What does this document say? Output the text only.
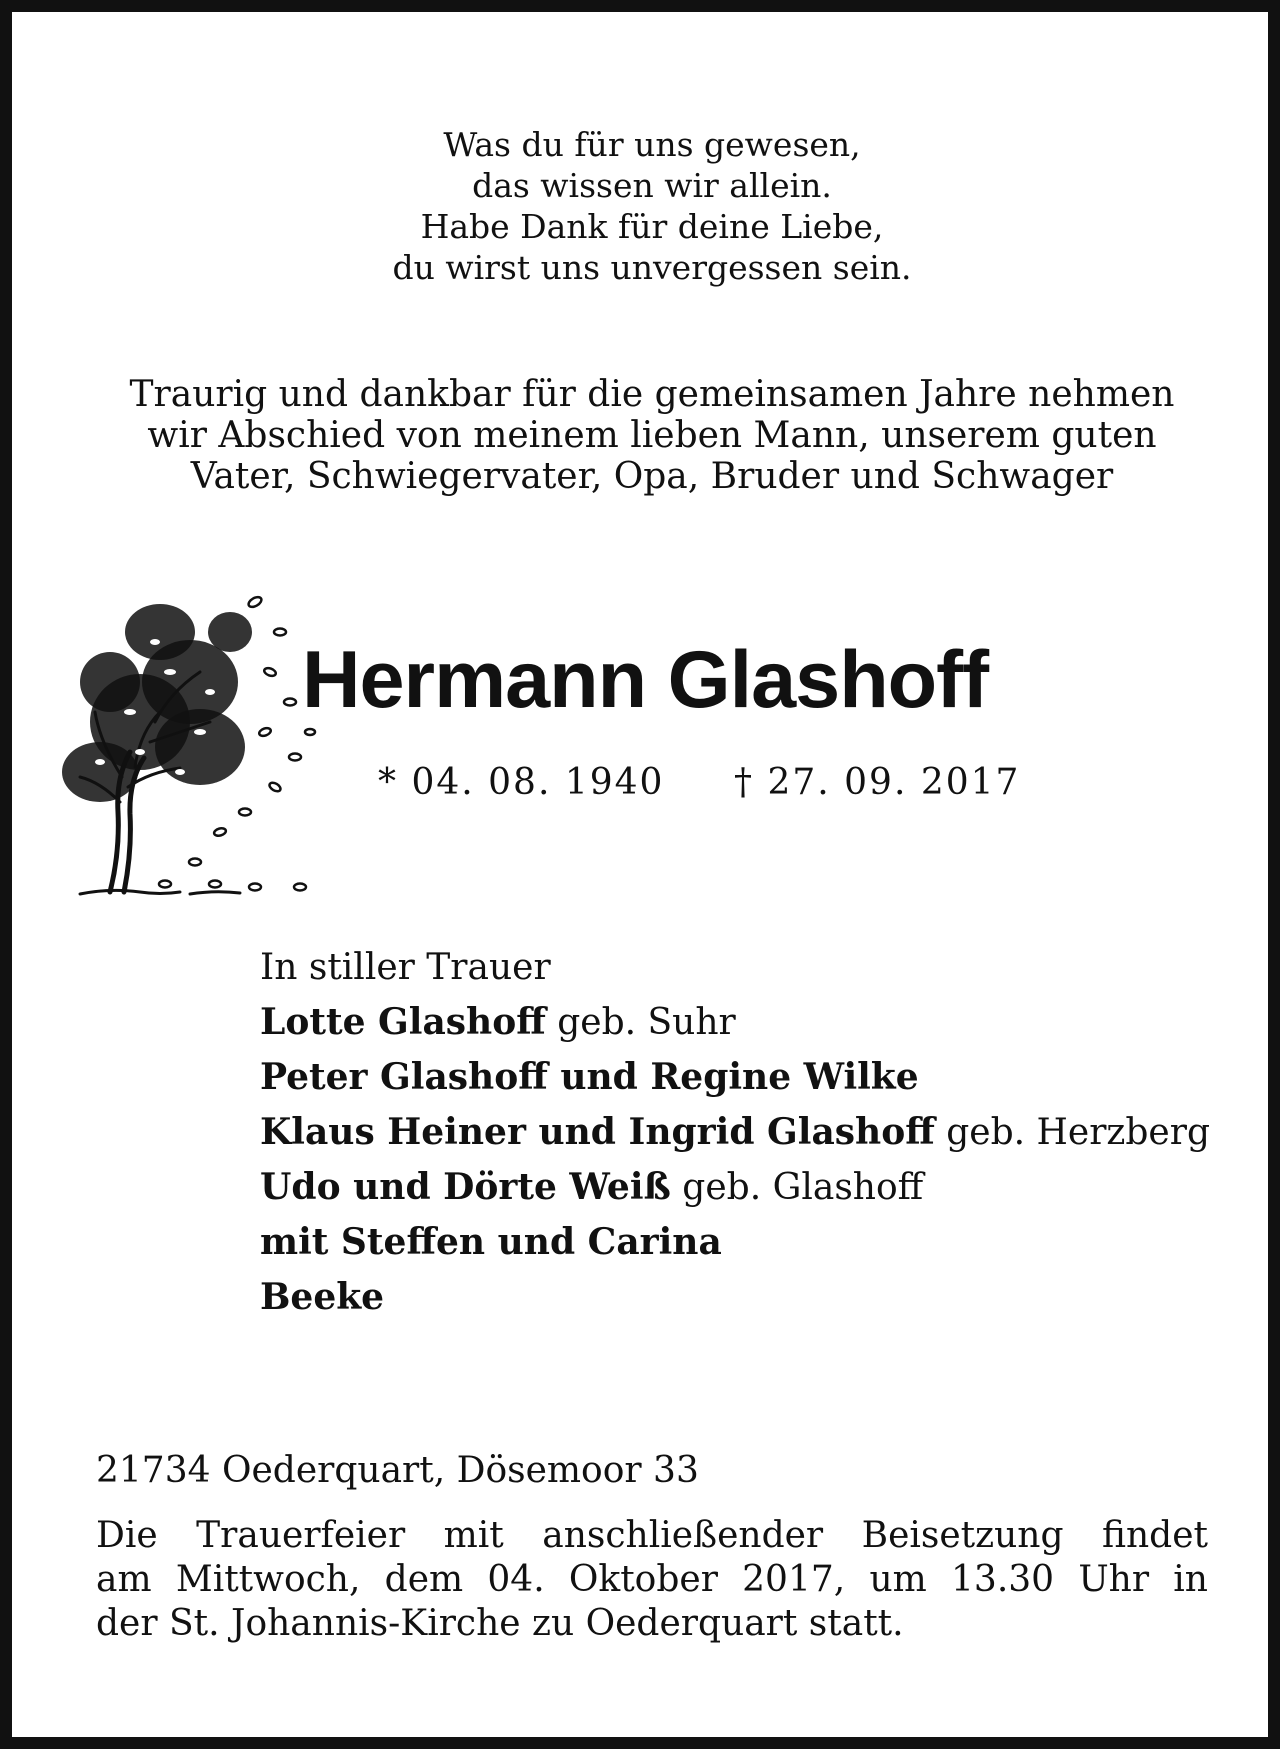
Was du für uns gewesen,
das wissen wir allein.
Habe Dank für deine Liebe,
du wirst uns unvergessen sein.
Traurig und dankbar für die gemeinsamen Jahre nehmen
wir Abschied von meinem lieben Mann, unserem guten
Vater, Schwiegervater, Opa, Bruder und Schwager
Hermann Glashoff
* 04. 08. 1940 † 27. 09. 2017
In stiller Trauer
Lotte Glashoff geb. Suhr
Peter Glashoff und Regine Wilke
Klaus Heiner und Ingrid Glashoff geb. Herzberg
Udo und Dörte Weiß geb. Glashoff
mit Steffen und Carina
Beeke
21734 Oederquart, Dösemoor 33
Die Trauerfeier mit anschließender Beisetzung findet
am Mittwoch, dem 04. Oktober 2017, um 13.30 Uhr in
der St. Johannis-Kirche zu Oederquart statt.
